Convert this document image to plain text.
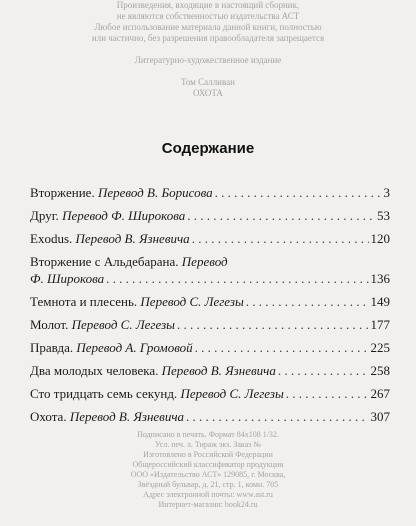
Произведения, входящие в настоящий сборник,
не являются собственностью издательства АСТ
Любое использование материала данной книги, полностью
или частично, без разрешения правообладателя запрещается

Литературно-художественное издание

Том Салливан
ОХОТА
Содержание
Вторжение. Перевод В. Борисова . . .	3
Друг. Перевод Ф. Широкова . . .	53
Exodus. Перевод В. Язневича . . .	120
Вторжение с Альдебарана. Перевод
Ф. Широкова . . .	136
Темнота и плесень. Перевод С. Легезы . . .	149
Молот. Перевод С. Легезы . . .	177
Правда. Перевод А. Громовой . . .	225
Два молодых человека. Перевод В. Язневича . . .	258
Сто тридцать семь секунд. Перевод С. Легезы . . .	267
Охота. Перевод В. Язневича . . .	307
Подписано в печать. Формат 84x108 1/32.
Усл. печ. л. Тираж экз. Заказ №
Изготовлено в Российской Федерации
Общероссийский классификатор продукции
ООО «Издательство АСТ» 129085, г. Москва,
Звёздный бульвар, д. 21, стр. 1, комн. 705
Адрес электронной почты: www.ast.ru
Интернет-магазин: book24.ru
